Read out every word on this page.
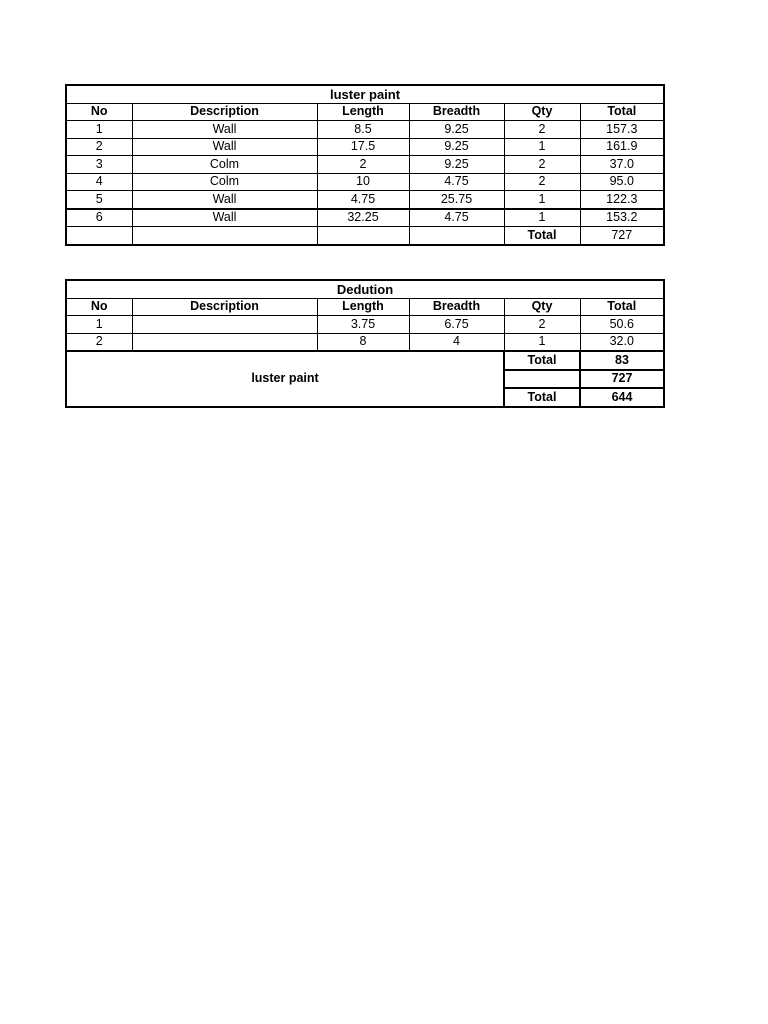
luster paint					
No	Description	Length	Breadth	Qty	Total
1	Wall	8.5	9.25	2	157.3
2	Wall	17.5	9.25	1	161.9
3	Colm	2	9.25	2	37.0
4	Colm	10	4.75	2	95.0
5	Wall	4.75	25.75	1	122.3
6	Wall	32.25	4.75	1	153.2
				Total	727
Dedution					
No	Description	Length	Breadth	Qty	Total
1		3.75	6.75	2	50.6
2		8	4	1	32.0
luster paint				Total	83
					727
				Total	644
